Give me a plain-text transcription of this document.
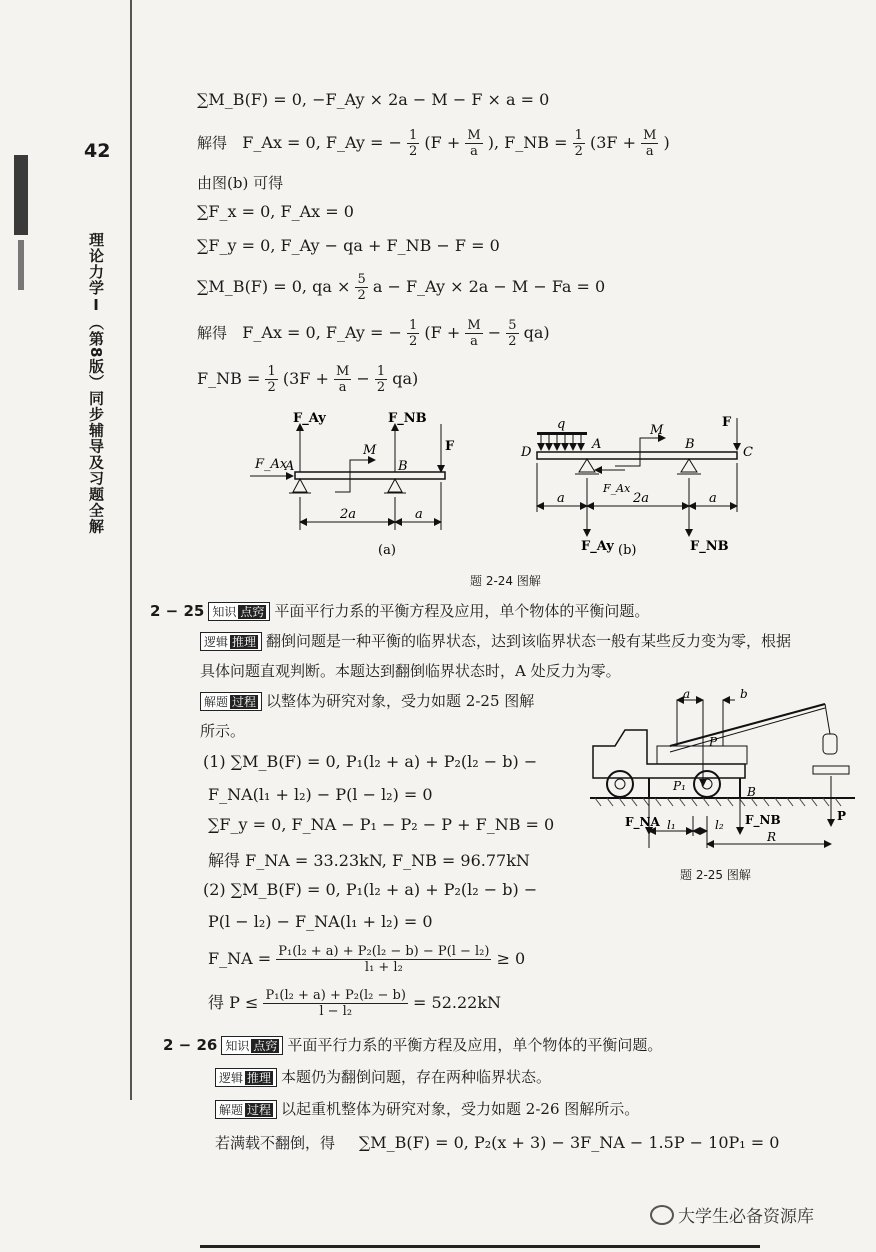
42
理论力学Ⅰ（第8版）同步辅导及习题全解
∑M_B(F) = 0, −F_Ay × 2a − M − F × a = 0
解得 F_Ax = 0, F_Ay = − $\frac{1}{2} (F + \frac{M}{a}$ ), F_NB = $\frac{1}{2} (3F + \frac{M}{a}$ )
由图(b) 可得
∑F_x = 0, F_Ax = 0
∑F_y = 0, F_Ay − qa + F_NB − F = 0
∑M_B(F) = 0, qa × $\frac{5}{2}$ a − F_Ay × 2a − M − Fa = 0
解得 F_Ax = 0, F_Ay = − $\frac{1}{2} (F + \frac{M}{a} - \frac{5}{2} qa)$
F_NB = $\frac{1}{2} (3F + \frac{M}{a} - \frac{1}{2} qa)$
F_Ay	F_NB
F
F_Ax
A
M
B
2a	a
(a)
q	M
F
D
A	B
C
F_Ax
a	2a	a
F_Ay (b)	F_NB
题 2-24 图解
2 − 25 知识 点窍 平面平行力系的平衡方程及应用，单个物体的平衡问题。
逻辑 推理 翻倒问题是一种平衡的临界状态，达到该临界状态一般有某些反力变为零，根据
具体问题直观判断。本题达到翻倒临界状态时，A 处反力为零。
解题 过程 以整体为研究对象，受力如题 2-25 图解
所示。
(1) ∑M_B(F) = 0, P₁(l₂ + a) + P₂(l₂ − b) −
F_NA(l₁ + l₂) − P(l − l₂) = 0
∑F_y = 0, F_NA − P₁ − P₂ − P + F_NB = 0
解得 F_NA = 33.23kN, F_NB = 96.77kN
(2) ∑M_B(F) = 0, P₁(l₂ + a) + P₂(l₂ − b) −
P(l − l₂) − F_NA(l₁ + l₂) = 0
F_NA = $\frac{\text{P₁(l₂ + a) + P₂(l₂ − b) − P(l − l₂)}}{\text{l₁ + l₂}} \ge 0$
得 $P \le \frac{\text{P₁(l₂ + a) + P₂(l₂ − b)}}{\text{l − l₂}} = 52.22kN$
a	b
P
P₁	B
F_NA l₁	l₂ F_NB
R
P
题 2-25 图解
2 − 26 知识 点窍 平面平行力系的平衡方程及应用，单个物体的平衡问题。
逻辑 推理 本题仍为翻倒问题，存在两种临界状态。
解题 过程 以起重机整体为研究对象，受力如题 2-26 图解所示。
若满载不翻倒，得 ∑M_B(F) = 0, P₂(x + 3) − 3F_NA − 1.5P − 10P₁ = 0
大学生必备资源库
